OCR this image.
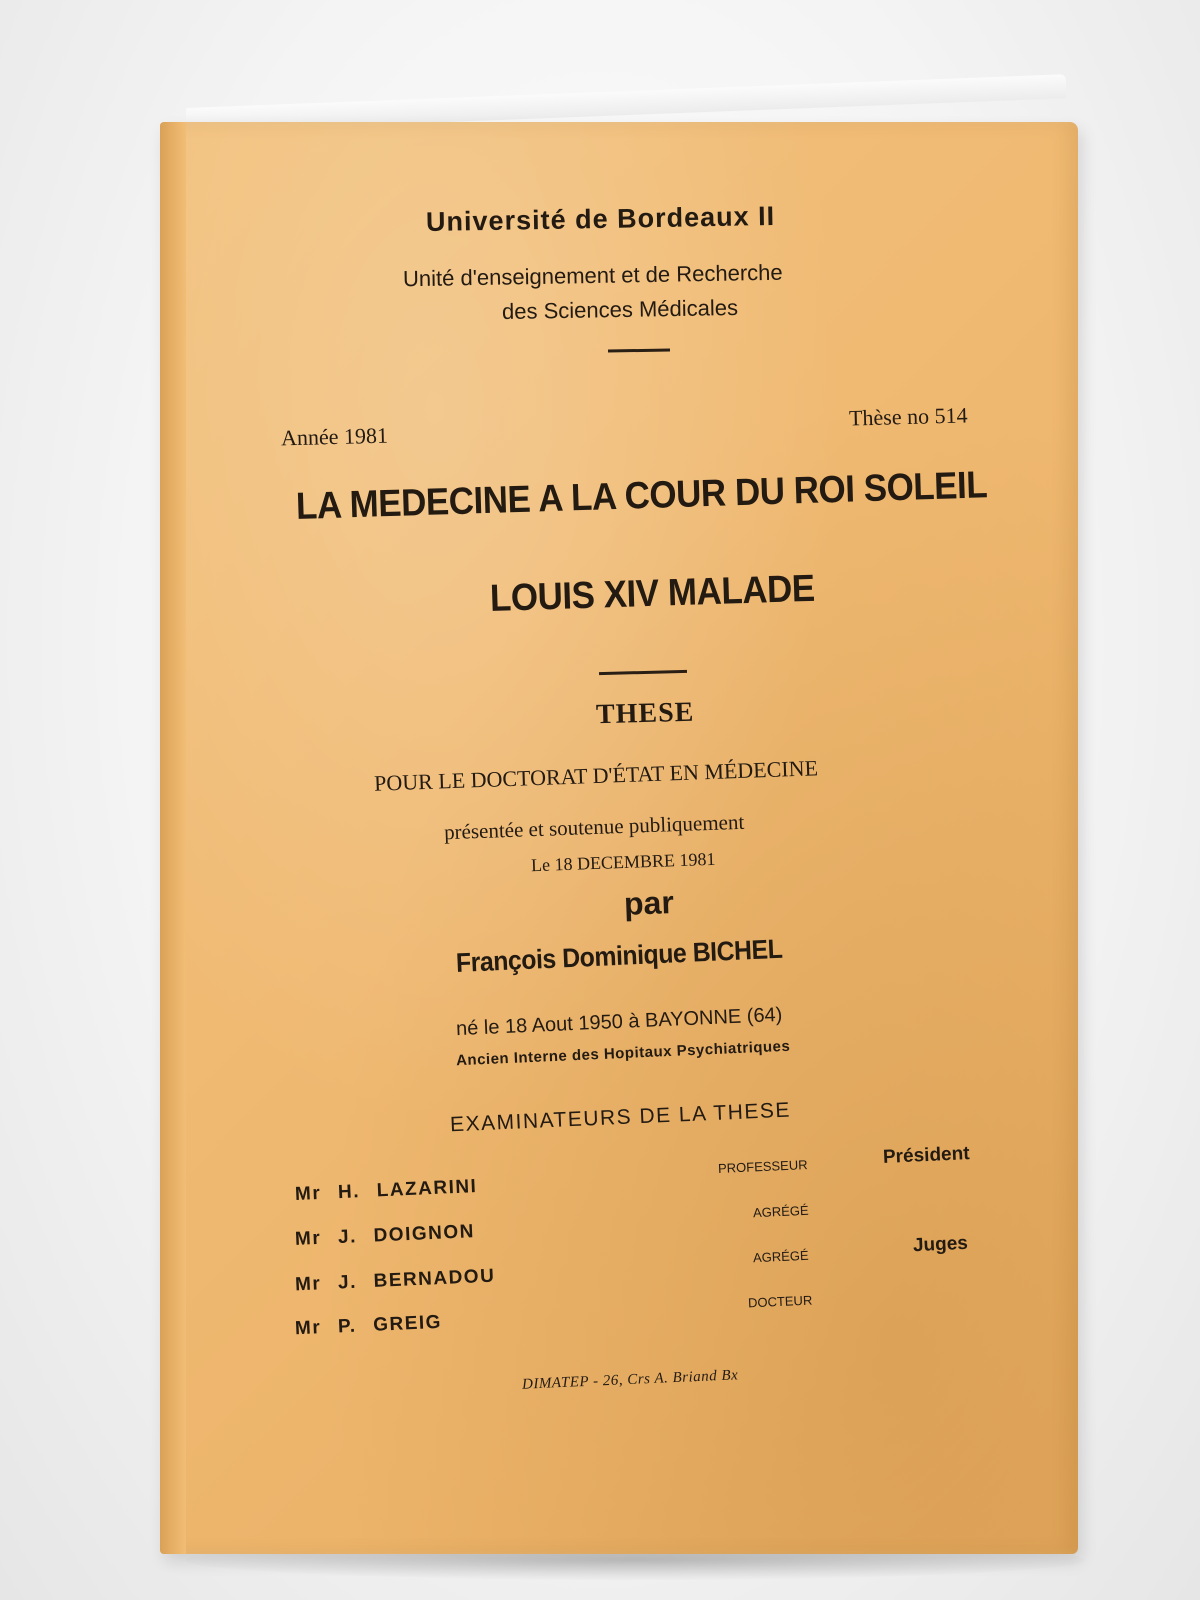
Université de Bordeaux II

Unité d'enseignement et de Recherche

des Sciences Médicales

Année 1981

Thèse no 514

LA MEDECINE A LA COUR DU ROI SOLEIL

LOUIS XIV MALADE

THESE

POUR LE DOCTORAT D'ÉTAT EN MÉDECINE

présentée et soutenue publiquement

Le 18 DECEMBRE 1981

par

François Dominique BICHEL

né le 18 Aout 1950 à BAYONNE (64)

Ancien Interne des Hopitaux Psychiatriques

EXAMINATEURS DE LA THESE

Président

PROFESSEUR

Mr H. LAZARINI

AGRÉGÉ

Mr J. DOIGNON	Juges

AGRÉGÉ

Mr J. BERNADOU

DOCTEUR

Mr P. GREIG

DIMATEP - 26, Crs A. Briand Bx
